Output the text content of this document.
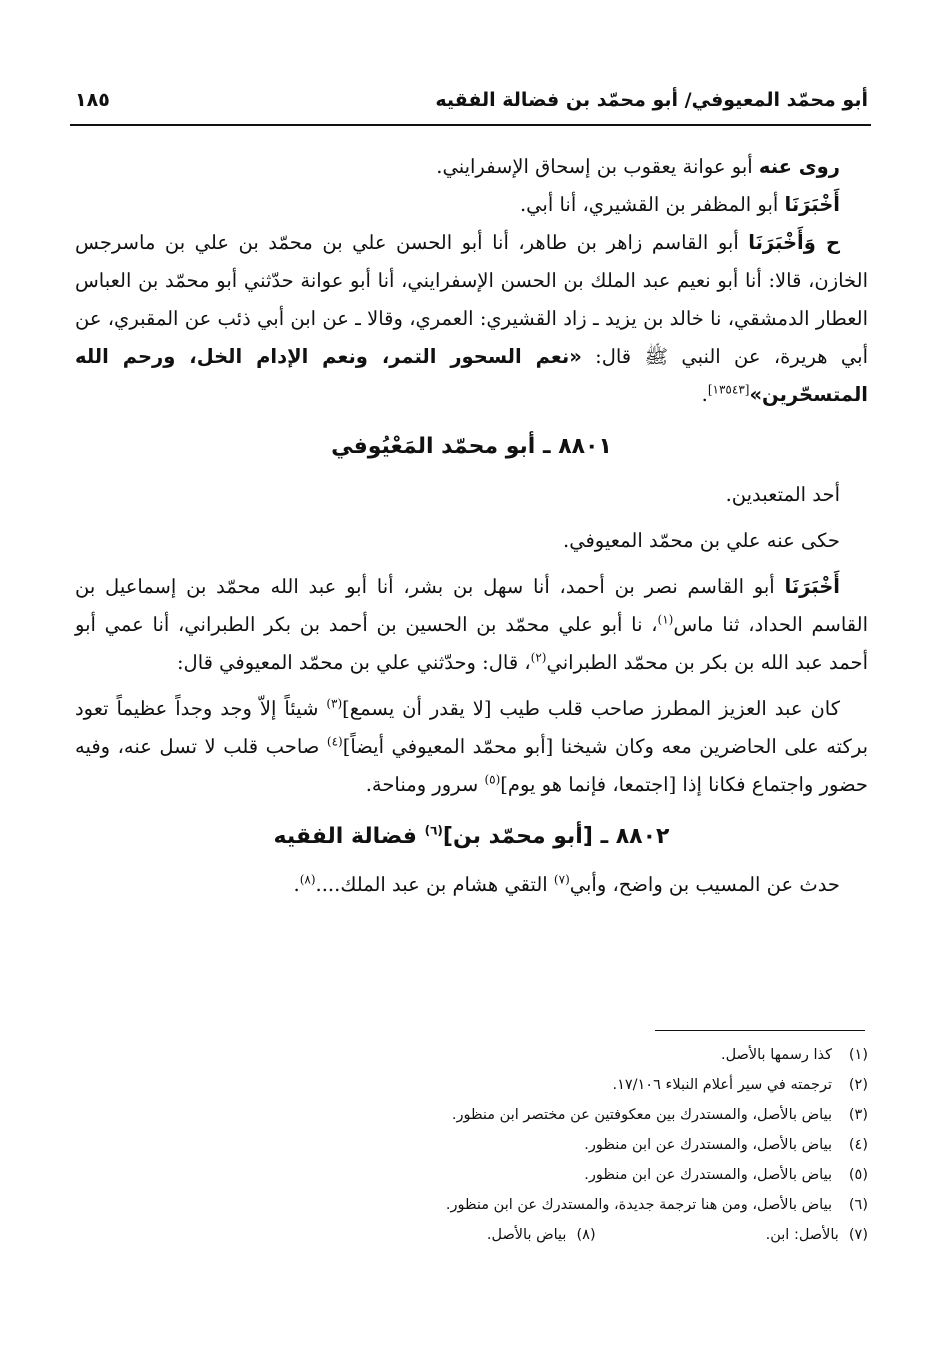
أبو محمّد المعيوفي/ أبو محمّد بن فضالة الفقيه
١٨٥

روى عنه أبو عوانة يعقوب بن إسحاق الإسفرايني.

أَخْبَرَنَا أبو المظفر بن القشيري، أنا أبي.

ح وَأَخْبَرَنَا أبو القاسم زاهر بن طاهر، أنا أبو الحسن علي بن محمّد بن علي بن ماسرجس الخازن، قالا: أنا أبو نعيم عبد الملك بن الحسن الإسفرايني، أنا أبو عوانة حدّثني أبو محمّد بن العباس العطار الدمشقي، نا خالد بن يزيد ـ زاد القشيري: العمري، وقالا ـ عن ابن أبي ذئب عن المقبري، عن أبي هريرة، عن النبي ﷺ قال: «نعم السحور التمر، ونعم الإدام الخل، ورحم الله المتسحّرين»[١٣٥٤٣].

٨٨٠١ ـ أبو محمّد المَعْيُوفي

أحد المتعبدين.

حكى عنه علي بن محمّد المعيوفي.

أَخْبَرَنَا أبو القاسم نصر بن أحمد، أنا سهل بن بشر، أنا أبو عبد الله محمّد بن إسماعيل بن القاسم الحداد، ثنا ماس$^{(١)}$، نا أبو علي محمّد بن الحسين بن أحمد بن بكر الطبراني، أنا عمي أبو أحمد عبد الله بن بكر بن محمّد الطبراني$^{(٢)}$، قال: وحدّثني علي بن محمّد المعيوفي قال:

كان عبد العزيز المطرز صاحب قلب طيب [لا يقدر أن يسمع]$^{(٣)}$ شيئاً إلاّ وجد وجداً عظيماً تعود بركته على الحاضرين معه وكان شيخنا [أبو محمّد المعيوفي أيضاً]$^{(٤)}$ صاحب قلب لا تسل عنه، وفيه حضور واجتماع فكانا إذا [اجتمعا، فإنما هو يوم]$^{(٥)}$ سرور ومناحة.

٨٨٠٢ ـ [أبو محمّد بن]$^{(٦)}$ فضالة الفقيه

حدث عن المسيب بن واضح، وأبي$^{(٧)}$ التقي هشام بن عبد الملك....$^{(٨)}$.

(١)
كذا رسمها بالأصل.
(٢)
ترجمته في سير أعلام النبلاء ١٧/١٠٦.
(٣)
بياض بالأصل، والمستدرك بين معكوفتين عن مختصر ابن منظور.
(٤)
بياض بالأصل، والمستدرك عن ابن منظور.
(٥)
بياض بالأصل، والمستدرك عن ابن منظور.
(٦)
بياض بالأصل، ومن هنا ترجمة جديدة، والمستدرك عن ابن منظور.
(٧)
بالأصل: ابن.
(٨)
بياض بالأصل.
